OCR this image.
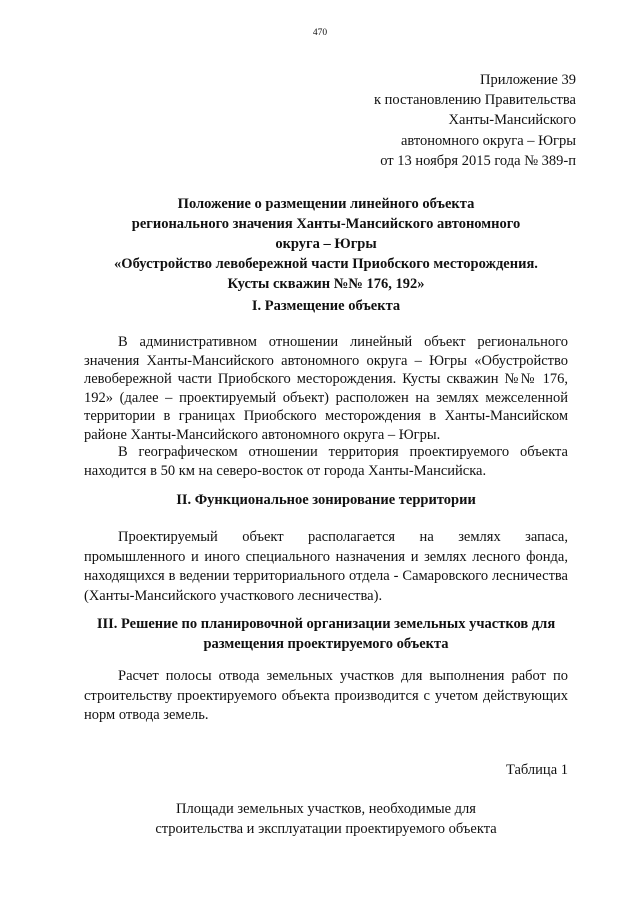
470
Приложение 39
к постановлению Правительства
Ханты-Мансийского
автономного округа – Югры
от 13 ноября 2015 года № 389-п
Положение о размещении линейного объекта
регионального значения Ханты-Мансийского автономного
округа – Югры
«Обустройство левобережной части Приобского месторождения.
Кусты скважин №№ 176, 192»
I. Размещение объекта

В административном отношении линейный объект регионального значения Ханты-Мансийского автономного округа – Югры «Обустройство левобережной части Приобского месторождения. Кусты скважин №№ 176, 192» (далее – проектируемый объект) расположен на землях межселенной территории в границах Приобского месторождения в Ханты-Мансийском районе Ханты-Мансийского автономного округа – Югры.

В географическом отношении территория проектируемого объекта находится в 50 км на северо-восток от города Ханты-Мансийска.

II. Функциональное зонирование территории

Проектируемый объект располагается на землях запаса, промышленного и иного специального назначения и землях лесного фонда, находящихся в ведении территориального отдела - Самаровского лесничества (Ханты-Мансийского участкового лесничества).

III. Решение по планировочной организации земельных участков для
размещения проектируемого объекта

Расчет полосы отвода земельных участков для выполнения работ по строительству проектируемого объекта производится с учетом действующих норм отвода земель.

Таблица 1
Площади земельных участков, необходимые для
строительства и эксплуатации проектируемого объекта
